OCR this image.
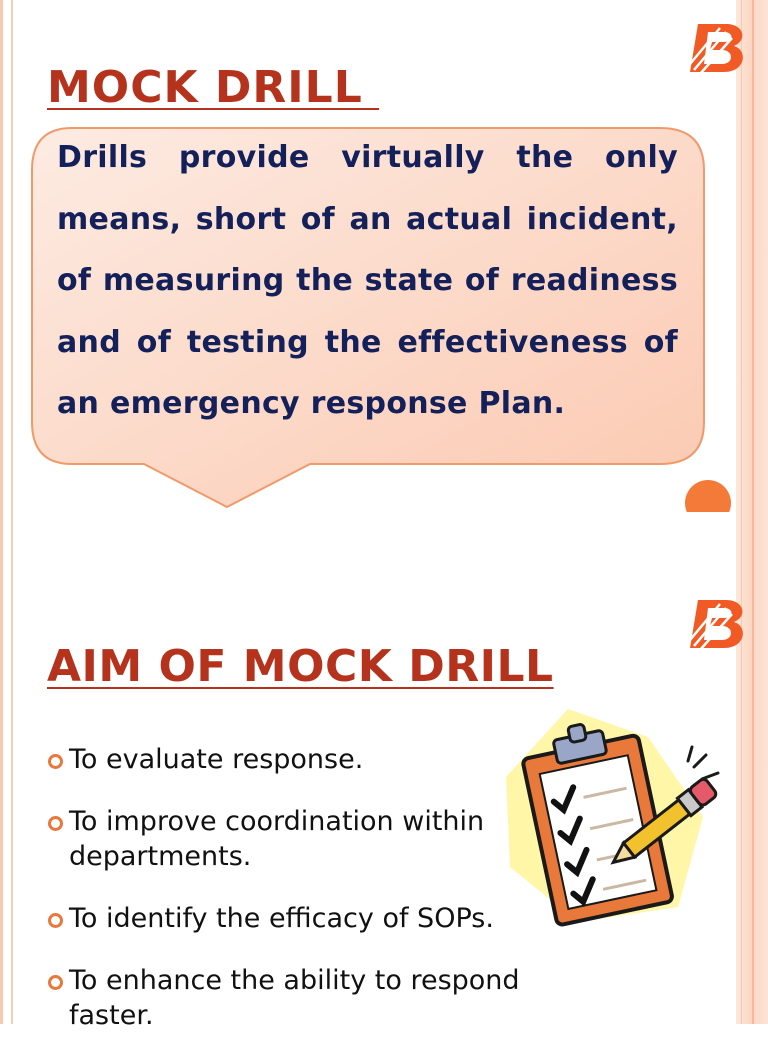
MOCK DRILL

Drills provide virtually the only means, short of an actual incident, of measuring the state of readiness and of testing the effectiveness of an emergency response Plan.

AIM OF MOCK DRILL
To evaluate response.
To improve coordination within departments.
To identify the efficacy of SOPs.
To enhance the ability to respond faster.
